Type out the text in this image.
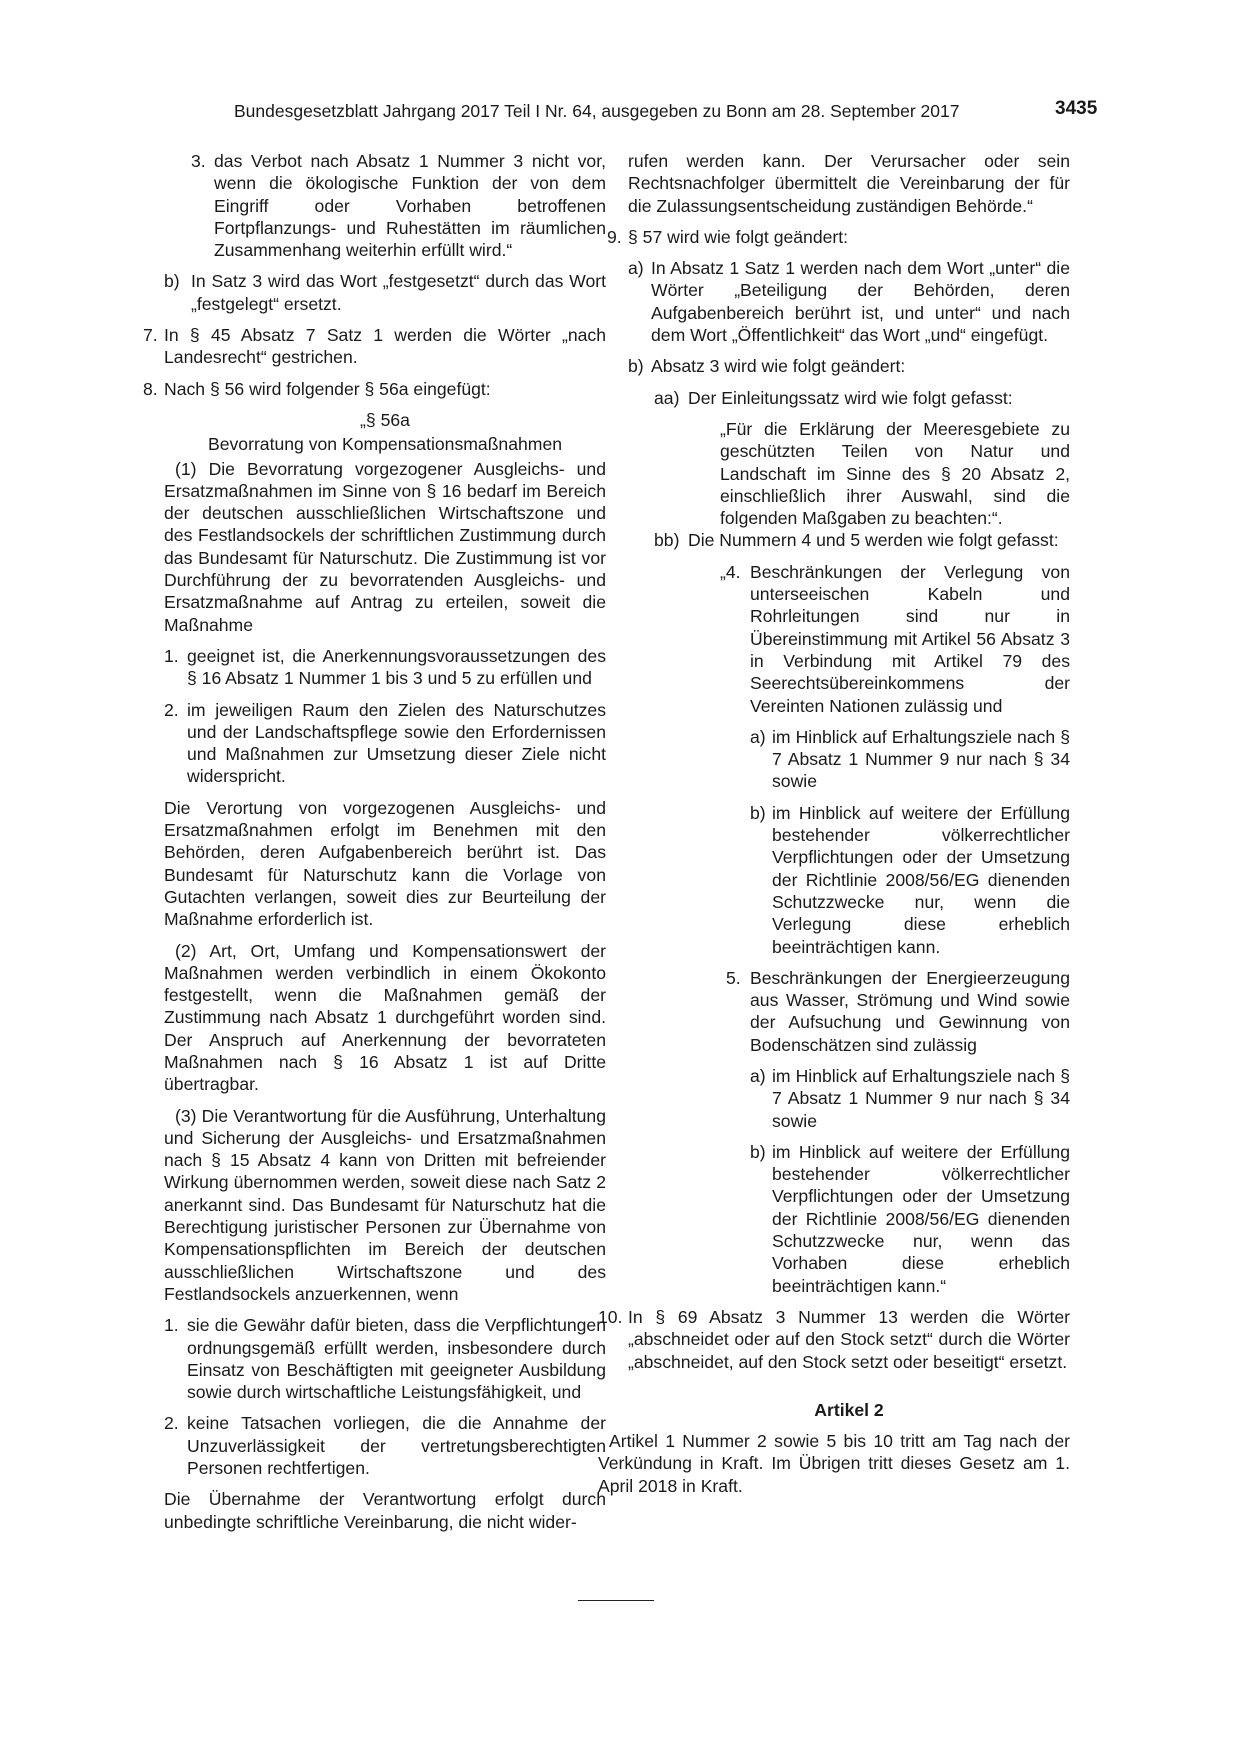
Bundesgesetzblatt Jahrgang 2017 Teil I Nr. 64, ausgegeben zu Bonn am 28. September 2017	3435
3. das Verbot nach Absatz 1 Nummer 3 nicht vor, wenn die ökologische Funktion der von dem Eingriff oder Vorhaben betroffenen Fortpflanzungs- und Ruhestätten im räumlichen Zusammenhang weiterhin erfüllt wird.“
b) In Satz 3 wird das Wort „festgesetzt“ durch das Wort „festgelegt“ ersetzt.
7. In § 45 Absatz 7 Satz 1 werden die Wörter „nach Landesrecht“ gestrichen.
8. Nach § 56 wird folgender § 56a eingefügt:

„§ 56a

Bevorratung von Kompensationsmaßnahmen

(1) Die Bevorratung vorgezogener Ausgleichs- und Ersatzmaßnahmen im Sinne von § 16 bedarf im Bereich der deutschen ausschließlichen Wirtschaftszone und des Festlandsockels der schriftlichen Zustimmung durch das Bundesamt für Naturschutz. Die Zustimmung ist vor Durchführung der zu bevorratenden Ausgleichs- und Ersatzmaßnahme auf Antrag zu erteilen, soweit die Maßnahme

1. geeignet ist, die Anerkennungsvoraussetzungen des § 16 Absatz 1 Nummer 1 bis 3 und 5 zu erfüllen und
2. im jeweiligen Raum den Zielen des Naturschutzes und der Landschaftspflege sowie den Erfordernissen und Maßnahmen zur Umsetzung dieser Ziele nicht widerspricht.

Die Verortung von vorgezogenen Ausgleichs- und Ersatzmaßnahmen erfolgt im Benehmen mit den Behörden, deren Aufgabenbereich berührt ist. Das Bundesamt für Naturschutz kann die Vorlage von Gutachten verlangen, soweit dies zur Beurteilung der Maßnahme erforderlich ist.

(2) Art, Ort, Umfang und Kompensationswert der Maßnahmen werden verbindlich in einem Ökokonto festgestellt, wenn die Maßnahmen gemäß der Zustimmung nach Absatz 1 durchgeführt worden sind. Der Anspruch auf Anerkennung der bevorrateten Maßnahmen nach § 16 Absatz 1 ist auf Dritte übertragbar.

(3) Die Verantwortung für die Ausführung, Unterhaltung und Sicherung der Ausgleichs- und Ersatzmaßnahmen nach § 15 Absatz 4 kann von Dritten mit befreiender Wirkung übernommen werden, soweit diese nach Satz 2 anerkannt sind. Das Bundesamt für Naturschutz hat die Berechtigung juristischer Personen zur Übernahme von Kompensationspflichten im Bereich der deutschen ausschließlichen Wirtschaftszone und des Festlandsockels anzuerkennen, wenn

1. sie die Gewähr dafür bieten, dass die Verpflichtungen ordnungsgemäß erfüllt werden, insbesondere durch Einsatz von Beschäftigten mit geeigneter Ausbildung sowie durch wirtschaftliche Leistungsfähigkeit, und
2. keine Tatsachen vorliegen, die die Annahme der Unzuverlässigkeit der vertretungsberechtigten Personen rechtfertigen.

Die Übernahme der Verantwortung erfolgt durch unbedingte schriftliche Vereinbarung, die nicht wider-

rufen werden kann. Der Verursacher oder sein Rechtsnachfolger übermittelt die Vereinbarung der für die Zulassungsentscheidung zuständigen Behörde.“

9. § 57 wird wie folgt geändert:
a) In Absatz 1 Satz 1 werden nach dem Wort „unter“ die Wörter „Beteiligung der Behörden, deren Aufgabenbereich berührt ist, und unter“ und nach dem Wort „Öffentlichkeit“ das Wort „und“ eingefügt.
b) Absatz 3 wird wie folgt geändert:
aa) Der Einleitungssatz wird wie folgt gefasst:

„Für die Erklärung der Meeresgebiete zu geschützten Teilen von Natur und Landschaft im Sinne des § 20 Absatz 2, einschließlich ihrer Auswahl, sind die folgenden Maßgaben zu beachten:“.

bb) Die Nummern 4 und 5 werden wie folgt gefasst:
„4. Beschränkungen der Verlegung von unterseeischen Kabeln und Rohrleitungen sind nur in Übereinstimmung mit Artikel 56 Absatz 3 in Verbindung mit Artikel 79 des Seerechtsübereinkommens der Vereinten Nationen zulässig und
a) im Hinblick auf Erhaltungsziele nach § 7 Absatz 1 Nummer 9 nur nach § 34 sowie
b) im Hinblick auf weitere der Erfüllung bestehender völkerrechtlicher Verpflichtungen oder der Umsetzung der Richtlinie 2008/56/EG dienenden Schutzzwecke nur, wenn die Verlegung diese erheblich beeinträchtigen kann.
5. Beschränkungen der Energieerzeugung aus Wasser, Strömung und Wind sowie der Aufsuchung und Gewinnung von Bodenschätzen sind zulässig
a) im Hinblick auf Erhaltungsziele nach § 7 Absatz 1 Nummer 9 nur nach § 34 sowie
b) im Hinblick auf weitere der Erfüllung bestehender völkerrechtlicher Verpflichtungen oder der Umsetzung der Richtlinie 2008/56/EG dienenden Schutzzwecke nur, wenn das Vorhaben diese erheblich beeinträchtigen kann.“
10. In § 69 Absatz 3 Nummer 13 werden die Wörter „abschneidet oder auf den Stock setzt“ durch die Wörter „abschneidet, auf den Stock setzt oder beseitigt“ ersetzt.

Artikel 2

Artikel 1 Nummer 2 sowie 5 bis 10 tritt am Tag nach der Verkündung in Kraft. Im Übrigen tritt dieses Gesetz am 1. April 2018 in Kraft.
